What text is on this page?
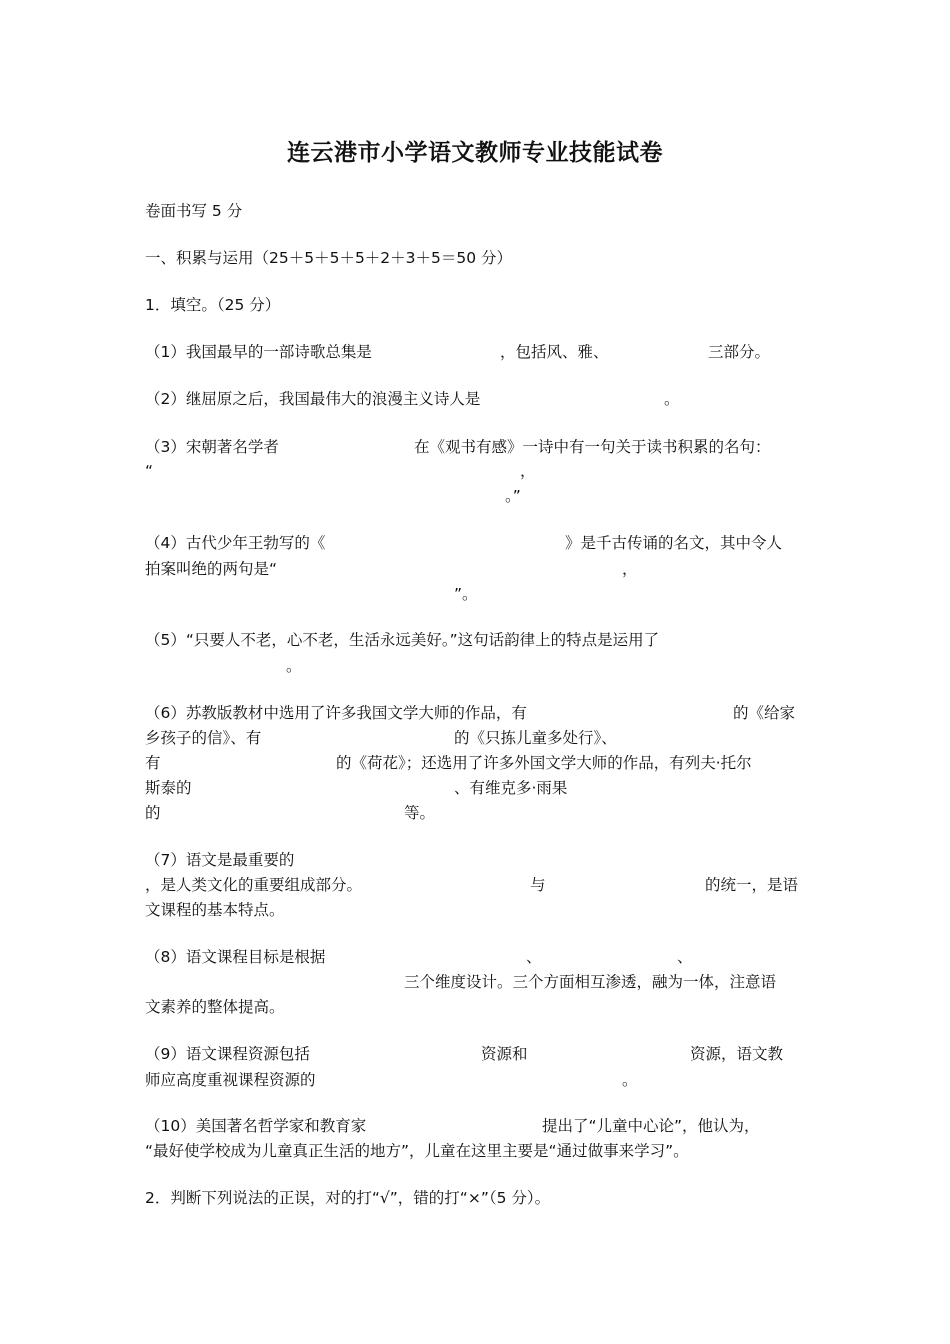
连云港市小学语文教师专业技能试卷
卷面书写 5 分
一、积累与运用（25＋5＋5＋5＋2＋3＋5＝50 分）
1．填空。（25 分）
（1）我国最早的一部诗歌总集是	，包括风、雅、	三部分。
（2）继屈原之后，我国最伟大的浪漫主义诗人是	。
（3）宋朝著名学者	在《观书有感》一诗中有一句关于读书积累的名句：
“	，
。”
（4）古代少年王勃写的《	》是千古传诵的名文，其中令人
拍案叫绝的两句是“	，
”。
（5）“只要人不老，心不老，生活永远美好。”这句话韵律上的特点是运用了
。
（6）苏教版教材中选用了许多我国文学大师的作品，有	的《给家
乡孩子的信》、有	的《只拣儿童多处行》、
有	的《荷花》；还选用了许多外国文学大师的作品，有列夫·托尔
斯泰的	、有维克多·雨果
的	等。
（7）语文是最重要的
，是人类文化的重要组成部分。	与	的统一，是语
文课程的基本特点。
（8）语文课程目标是根据	、	、
三个维度设计。三个方面相互渗透，融为一体，注意语
文素养的整体提高。
（9）语文课程资源包括	资源和	资源，语文教
师应高度重视课程资源的	。
（10）美国著名哲学家和教育家	提出了“儿童中心论”，他认为，
“最好使学校成为儿童真正生活的地方”，儿童在这里主要是“通过做事来学习”。
2．判断下列说法的正误，对的打“√”，错的打“×”（5 分）。
